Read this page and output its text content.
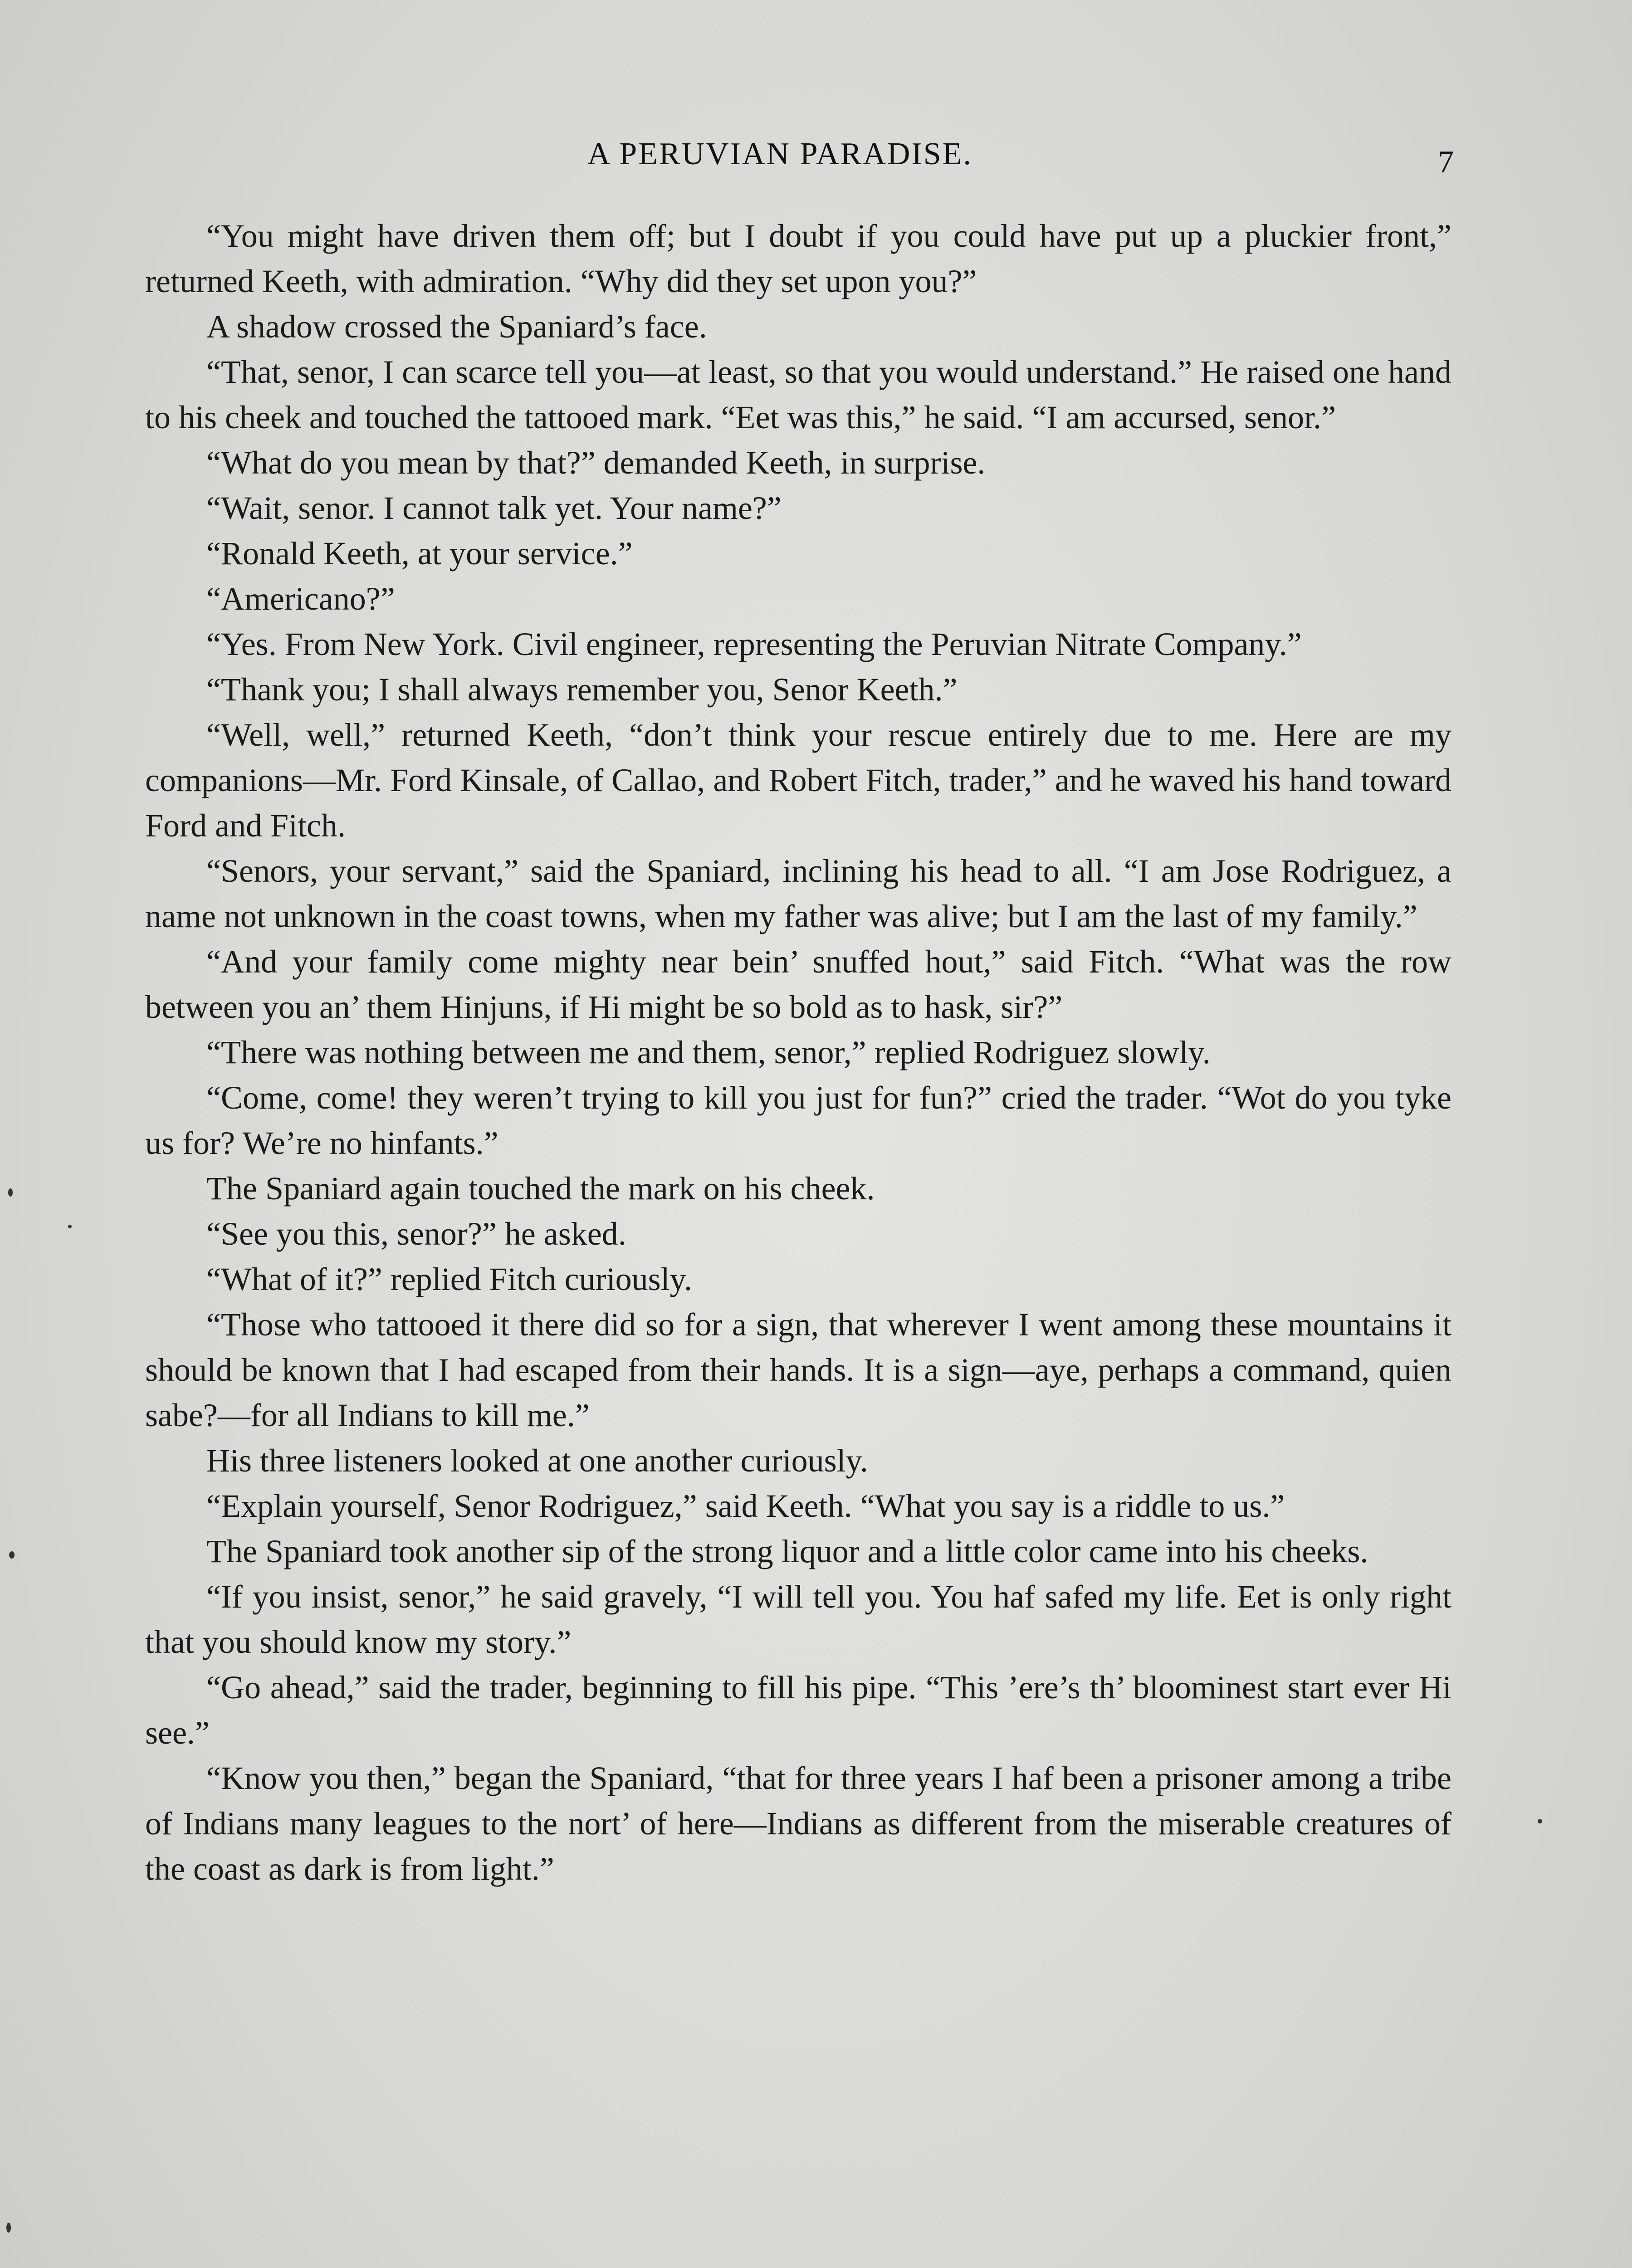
A PERUVIAN PARADISE.	7

“You might have driven them off; but I doubt if you could have put up a pluckier front,” returned Keeth, with admiration. “Why did they set upon you?”

A shadow crossed the Spaniard’s face.

“That, senor, I can scarce tell you—at least, so that you would understand.” He raised one hand to his cheek and touched the tattooed mark. “Eet was this,” he said. “I am accursed, senor.”

“What do you mean by that?” demanded Keeth, in surprise.

“Wait, senor. I cannot talk yet. Your name?”

“Ronald Keeth, at your service.”

“Americano?”

“Yes. From New York. Civil engineer, representing the Peruvian Nitrate Company.”

“Thank you; I shall always remember you, Senor Keeth.”

“Well, well,” returned Keeth, “don’t think your rescue entirely due to me. Here are my companions—Mr. Ford Kinsale, of Callao, and Robert Fitch, trader,” and he waved his hand toward Ford and Fitch.

“Senors, your servant,” said the Spaniard, inclining his head to all. “I am Jose Rodriguez, a name not unknown in the coast towns, when my father was alive; but I am the last of my family.”

“And your family come mighty near bein’ snuffed hout,” said Fitch. “What was the row between you an’ them Hinjuns, if Hi might be so bold as to hask, sir?”

“There was nothing between me and them, senor,” replied Rodriguez slowly.

“Come, come! they weren’t trying to kill you just for fun?” cried the trader. “Wot do you tyke us for? We’re no hinfants.”

The Spaniard again touched the mark on his cheek.

“See you this, senor?” he asked.

“What of it?” replied Fitch curiously.

“Those who tattooed it there did so for a sign, that wherever I went among these mountains it should be known that I had escaped from their hands. It is a sign—aye, perhaps a command, quien sabe?—for all Indians to kill me.”

His three listeners looked at one another curiously.

“Explain yourself, Senor Rodriguez,” said Keeth. “What you say is a riddle to us.”

The Spaniard took another sip of the strong liquor and a little color came into his cheeks.

“If you insist, senor,” he said gravely, “I will tell you. You haf safed my life. Eet is only right that you should know my story.”

“Go ahead,” said the trader, beginning to fill his pipe. “This ’ere’s th’ bloominest start ever Hi see.”

“Know you then,” began the Spaniard, “that for three years I haf been a prisoner among a tribe of Indians many leagues to the nort’ of here—Indians as different from the miserable creatures of the coast as dark is from light.”
